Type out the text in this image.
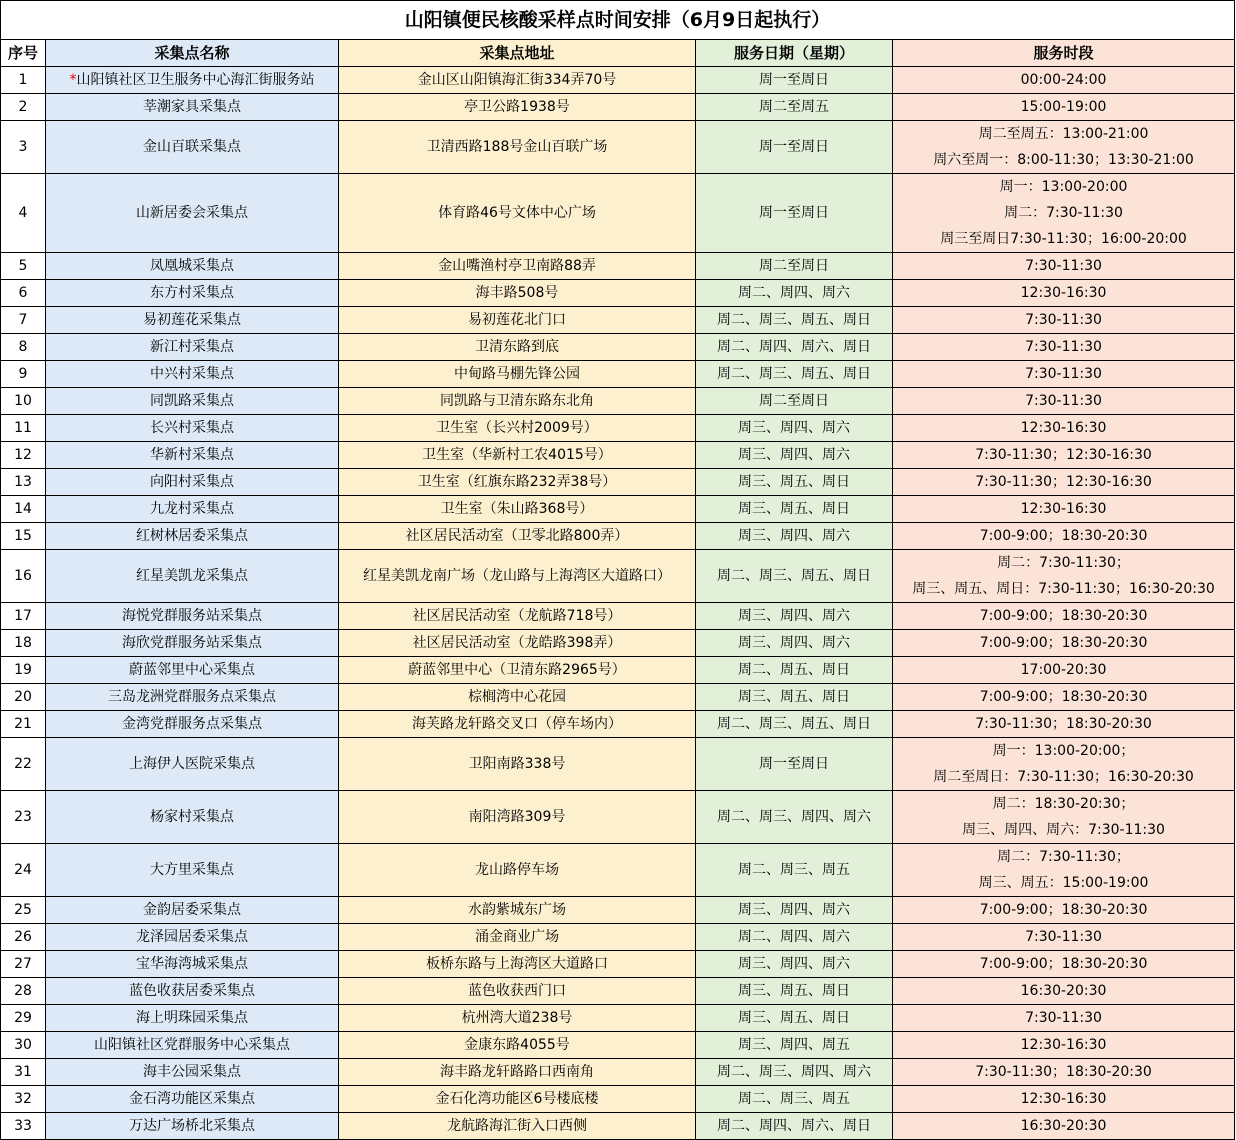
山阳镇便民核酸采样点时间安排（6月9日起执行）				
序号	采集点名称	采集点地址	服务日期（星期）	服务时段
1	*山阳镇社区卫生服务中心海汇街服务站	金山区山阳镇海汇街334弄70号	周一至周日	00:00-24:00

2	莘潮家具采集点	亭卫公路1938号	周二至周五	15:00-19:00

3	金山百联采集点	卫清西路188号金山百联广场	周一至周日	周二至周五：13:00-21:00
周六至周一：8:00-11:30；13:30-21:00

4	山新居委会采集点	体育路46号文体中心广场	周一至周日	周一：13:00-20:00
周二：7:30-11:30
周三至周日7:30-11:30；16:00-20:00

5	凤凰城采集点	金山嘴渔村亭卫南路88弄	周二至周日	7:30-11:30

6	东方村采集点	海丰路508号	周二、周四、周六	12:30-16:30

7	易初莲花采集点	易初莲花北门口	周二、周三、周五、周日	7:30-11:30

8	新江村采集点	卫清东路到底	周二、周四、周六、周日	7:30-11:30

9	中兴村采集点	中甸路马棚先锋公园	周二、周三、周五、周日	7:30-11:30

10	同凯路采集点	同凯路与卫清东路东北角	周二至周日	7:30-11:30

11	长兴村采集点	卫生室（长兴村2009号）	周三、周四、周六	12:30-16:30

12	华新村采集点	卫生室（华新村工农4015号）	周三、周四、周六	7:30-11:30；12:30-16:30

13	向阳村采集点	卫生室（红旗东路232弄38号）	周三、周五、周日	7:30-11:30；12:30-16:30

14	九龙村采集点	卫生室（朱山路368号）	周三、周五、周日	12:30-16:30

15	红树林居委采集点	社区居民活动室（卫零北路800弄）	周三、周四、周六	7:00-9:00；18:30-20:30

16	红星美凯龙采集点	红星美凯龙南广场（龙山路与上海湾区大道路口）	周二、周三、周五、周日	周二：7:30-11:30；
周三、周五、周日：7:30-11:30；16:30-20:30

17	海悦党群服务站采集点	社区居民活动室（龙航路718号）	周三、周四、周六	7:00-9:00；18:30-20:30

18	海欣党群服务站采集点	社区居民活动室（龙皓路398弄）	周三、周四、周六	7:00-9:00；18:30-20:30

19	蔚蓝邻里中心采集点	蔚蓝邻里中心（卫清东路2965号）	周二、周五、周日	17:00-20:30

20	三岛龙洲党群服务点采集点	棕榈湾中心花园	周三、周五、周日	7:00-9:00；18:30-20:30

21	金湾党群服务点采集点	海芙路龙轩路交叉口（停车场内）	周二、周三、周五、周日	7:30-11:30；18:30-20:30

22	上海伊人医院采集点	卫阳南路338号	周一至周日	周一：13:00-20:00；
周二至周日：7:30-11:30；16:30-20:30

23	杨家村采集点	南阳湾路309号	周二、周三、周四、周六	周二：18:30-20:30；
周三、周四、周六：7:30-11:30

24	大方里采集点	龙山路停车场	周二、周三、周五	周二：7:30-11:30；
周三、周五：15:00-19:00

25	金韵居委采集点	水韵紫城东广场	周三、周四、周六	7:00-9:00；18:30-20:30

26	龙泽园居委采集点	涌金商业广场	周二、周四、周六	7:30-11:30

27	宝华海湾城采集点	板桥东路与上海湾区大道路口	周三、周四、周六	7:00-9:00；18:30-20:30

28	蓝色收获居委采集点	蓝色收获西门口	周三、周五、周日	16:30-20:30

29	海上明珠园采集点	杭州湾大道238号	周三、周五、周日	7:30-11:30

30	山阳镇社区党群服务中心采集点	金康东路4055号	周三、周四、周五	12:30-16:30

31	海丰公园采集点	海丰路龙轩路路口西南角	周二、周三、周四、周六	7:30-11:30；18:30-20:30

32	金石湾功能区采集点	金石化湾功能区6号楼底楼	周二、周三、周五	12:30-16:30

33	万达广场桥北采集点	龙航路海汇街入口西侧	周二、周四、周六、周日	16:30-20:30
